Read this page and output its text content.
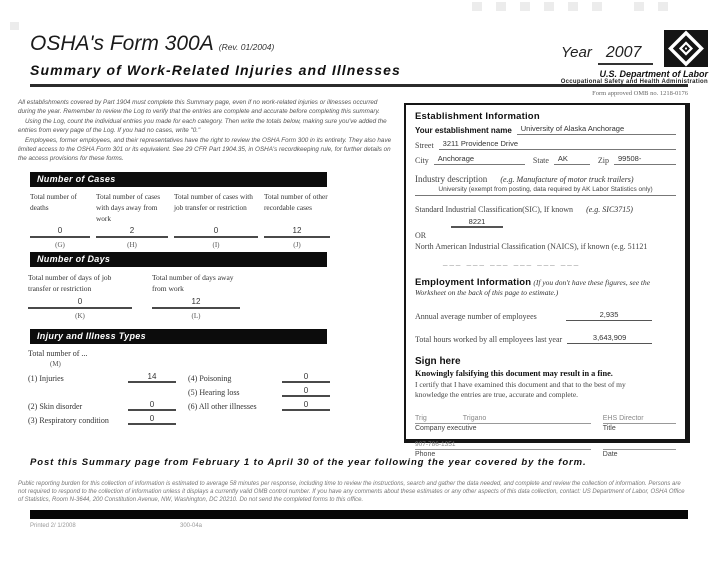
OSHA's Form 300A (Rev. 01/2004)
Summary of Work-Related Injuries and Illnesses
Year 2007
U.S. Department of Labor
Occupational Safety and Health Administration
Form approved OMB no. 1218-0176

All establishments covered by Part 1904 must complete this Summary page, even if no work-related injuries or illnesses occurred during the year. Remember to review the Log to verify that the entries are complete and accurate before completing this summary.

Using the Log, count the individual entries you made for each category. Then write the totals below, making sure you've added the entries from every page of the Log. If you had no cases, write "0."

Employees, former employees, and their representatives have the right to review the OSHA Form 300 in its entirety. They also have limited access to the OSHA Form 301 or its equivalent. See 29 CFR Part 1904.35, in OSHA's recordkeeping rule, for further details on the access provisions for these forms.

Number of Cases
Total number of deaths
0
(G)
Total number of cases with days away from work
2
(H)
Total number of cases with job transfer or restriction
0
(I)
Total number of other recordable cases
12
(J)
Number of Days
Total number of days of job transfer or restriction
0
(K)
Total number of days away from work
12
(L)
Injury and Illness Types
Total number of ...
(M)
(1) Injuries	14
(2) Skin disorder	0
(3) Respiratory condition	0
(4) Poisoning	0
(5) Hearing loss	0
(6) All other illnesses	0
Establishment Information
Your establishment name	University of Alaska Anchorage
Street	3211 Providence Drive
City	Anchorage	State	AK	Zip	99508-
Industry description (e.g. Manufacture of motor truck trailers)
University (exempt from posting, data required by AK Labor Statistics only)
Standard Industrial Classification(SIC), If known (e.g. SIC3715)
8221
OR
North American Industrial Classification (NAICS), if known (e.g. 51121
___ ___ ___ ___ ___ ___
Employment Information (If you don't have these figures, see the Worksheet on the back of this page to estimate.)
Annual average number of employees	2,935
Total hours worked by all employees last year	3,643,909
Sign here
Knowingly falsifying this document may result in a fine.
I certify that I have examined this document and that to the best of my knowledge the entries are true, accurate and complete.
Trig	Trigano	EHS Director
Company executive	Title
907-786-1351
Phone	Date
Post this Summary page from February 1 to April 30 of the year following the year covered by the form.
Public reporting burden for this collection of information is estimated to average 58 minutes per response, including time to review the instructions, search and gather the data needed, and complete and review the collection of information. Persons are not required to respond to the collection of information unless it displays a currently valid OMB control number. If you have any comments about these estimates or any other aspects of this data collection, contact: US Department of Labor, OSHA Office of Statistics, Room N-3644, 200 Constitution Avenue, NW, Washington, DC 20210. Do not send the completed forms to this office.
Printed 2/ 1/2008	300-04a
